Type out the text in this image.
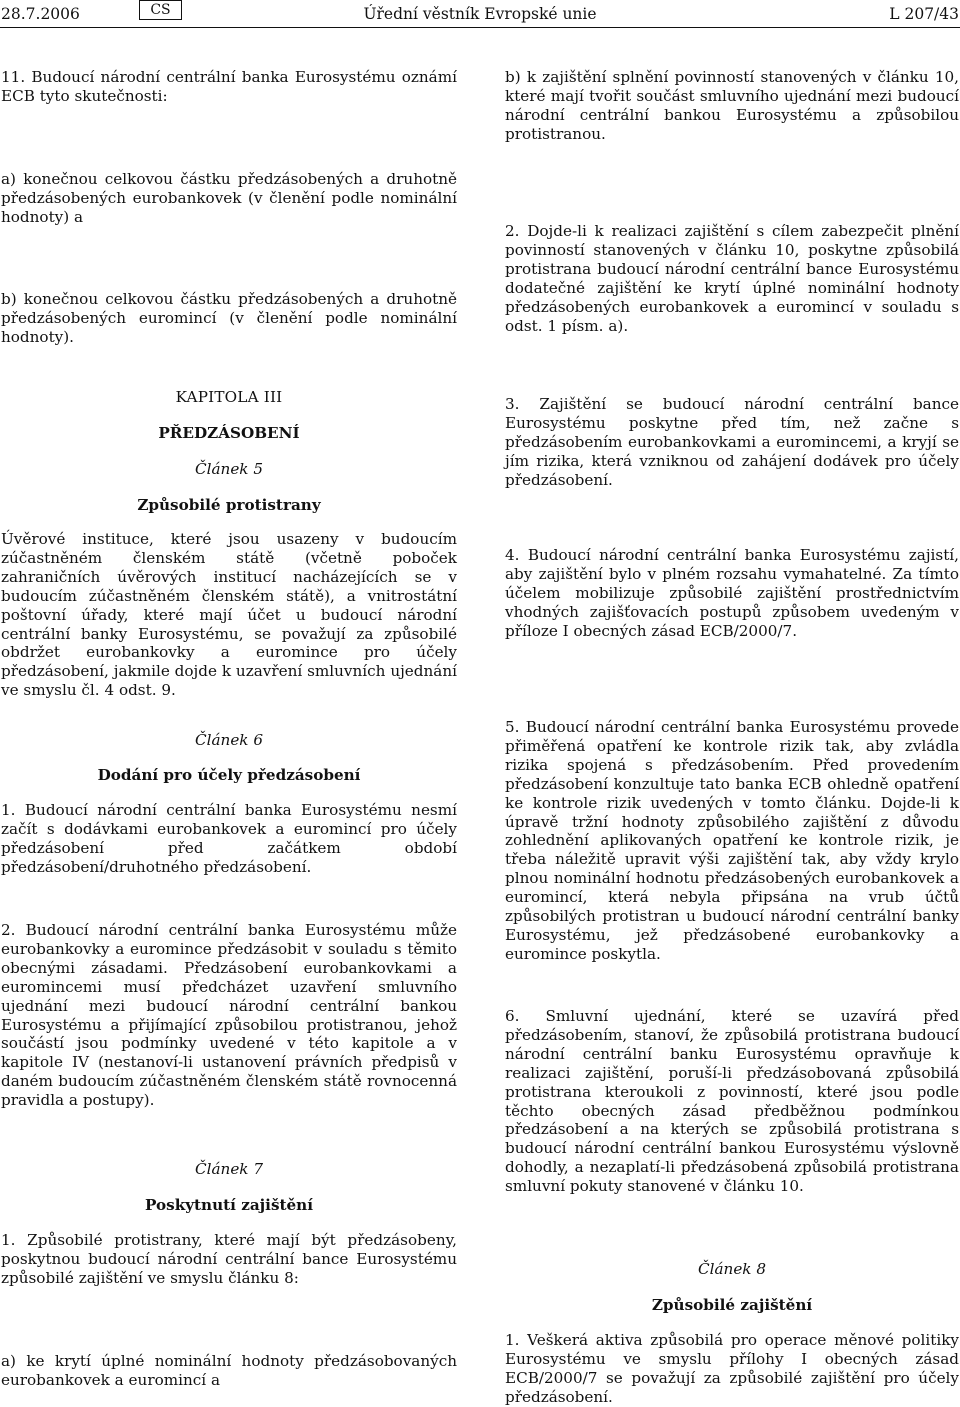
28.7.2006	CS	Úřední věstník Evropské unie	L 207/43

11. Budoucí národní centrální banka Eurosystému oznámí ECB tyto skutečnosti:

a) konečnou celkovou částku předzásobených a druhotně předzásobených eurobankovek (v členění podle nominální hodnoty) a

b) konečnou celkovou částku předzásobených a druhotně předzásobených euromincí (v členění podle nominální hodnoty).

KAPITOLA III

PŘEDZÁSOBENÍ

Článek 5

Způsobilé protistrany

Úvěrové instituce, které jsou usazeny v budoucím zúčastněném členském státě (včetně poboček zahraničních úvěrových institucí nacházejících se v budoucím zúčastněném členském státě), a vnitrostátní poštovní úřady, které mají účet u budoucí národní centrální banky Eurosystému, se považují za způsobilé obdržet eurobankovky a euromince pro účely předzásobení, jakmile dojde k uzavření smluvních ujednání ve smyslu čl. 4 odst. 9.

Článek 6

Dodání pro účely předzásobení

1. Budoucí národní centrální banka Eurosystému nesmí začít s dodávkami eurobankovek a euromincí pro účely předzásobení před začátkem období předzásobení/druhotného předzásobení.

2. Budoucí národní centrální banka Eurosystému může eurobankovky a euromince předzásobit v souladu s těmito obecnými zásadami. Předzásobení eurobankovkami a euromincemi musí předcházet uzavření smluvního ujednání mezi budoucí národní centrální bankou Eurosystému a přijímající způsobilou protistranou, jehož součástí jsou podmínky uvedené v této kapitole a v kapitole IV (nestanoví-li ustanovení právních předpisů v daném budoucím zúčastněném členském státě rovnocenná pravidla a postupy).

Článek 7

Poskytnutí zajištění

1. Způsobilé protistrany, které mají být předzásobeny, poskytnou budoucí národní centrální bance Eurosystému způsobilé zajištění ve smyslu článku 8:

a) ke krytí úplné nominální hodnoty předzásobovaných eurobankovek a euromincí a

b) k zajištění splnění povinností stanovených v článku 10, které mají tvořit součást smluvního ujednání mezi budoucí národní centrální bankou Eurosystému a způsobilou protistranou.

2. Dojde-li k realizaci zajištění s cílem zabezpečit plnění povinností stanovených v článku 10, poskytne způsobilá protistrana budoucí národní centrální bance Eurosystému dodatečné zajištění ke krytí úplné nominální hodnoty předzásobených eurobankovek a euromincí v souladu s odst. 1 písm. a).

3. Zajištění se budoucí národní centrální bance Eurosystému poskytne před tím, než začne s předzásobením eurobankovkami a euromincemi, a kryjí se jím rizika, která vzniknou od zahájení dodávek pro účely předzásobení.

4. Budoucí národní centrální banka Eurosystému zajistí, aby zajištění bylo v plném rozsahu vymahatelné. Za tímto účelem mobilizuje způsobilé zajištění prostřednictvím vhodných zajišťovacích postupů způsobem uvedeným v příloze I obecných zásad ECB/2000/7.

5. Budoucí národní centrální banka Eurosystému provede přiměřená opatření ke kontrole rizik tak, aby zvládla rizika spojená s předzásobením. Před provedením předzásobení konzultuje tato banka ECB ohledně opatření ke kontrole rizik uvedených v tomto článku. Dojde-li k úpravě tržní hodnoty způsobilého zajištění z důvodu zohlednění aplikovaných opatření ke kontrole rizik, je třeba náležitě upravit výši zajištění tak, aby vždy krylo plnou nominální hodnotu předzásobených eurobankovek a euromincí, která nebyla připsána na vrub účtů způsobilých protistran u budoucí národní centrální banky Eurosystému, jež předzásobené eurobankovky a euromince poskytla.

6. Smluvní ujednání, které se uzavírá před předzásobením, stanoví, že způsobilá protistrana budoucí národní centrální banku Eurosystému opravňuje k realizaci zajištění, poruší-li předzásobovaná způsobilá protistrana kteroukoli z povinností, které jsou podle těchto obecných zásad předběžnou podmínkou předzásobení a na kterých se způsobilá protistrana s budoucí národní centrální bankou Eurosystému výslovně dohodly, a nezaplatí-li předzásobená způsobilá protistrana smluvní pokuty stanovené v článku 10.

Článek 8

Způsobilé zajištění

1. Veškerá aktiva způsobilá pro operace měnové politiky Eurosystému ve smyslu přílohy I obecných zásad ECB/2000/7 se považují za způsobilé zajištění pro účely předzásobení.
